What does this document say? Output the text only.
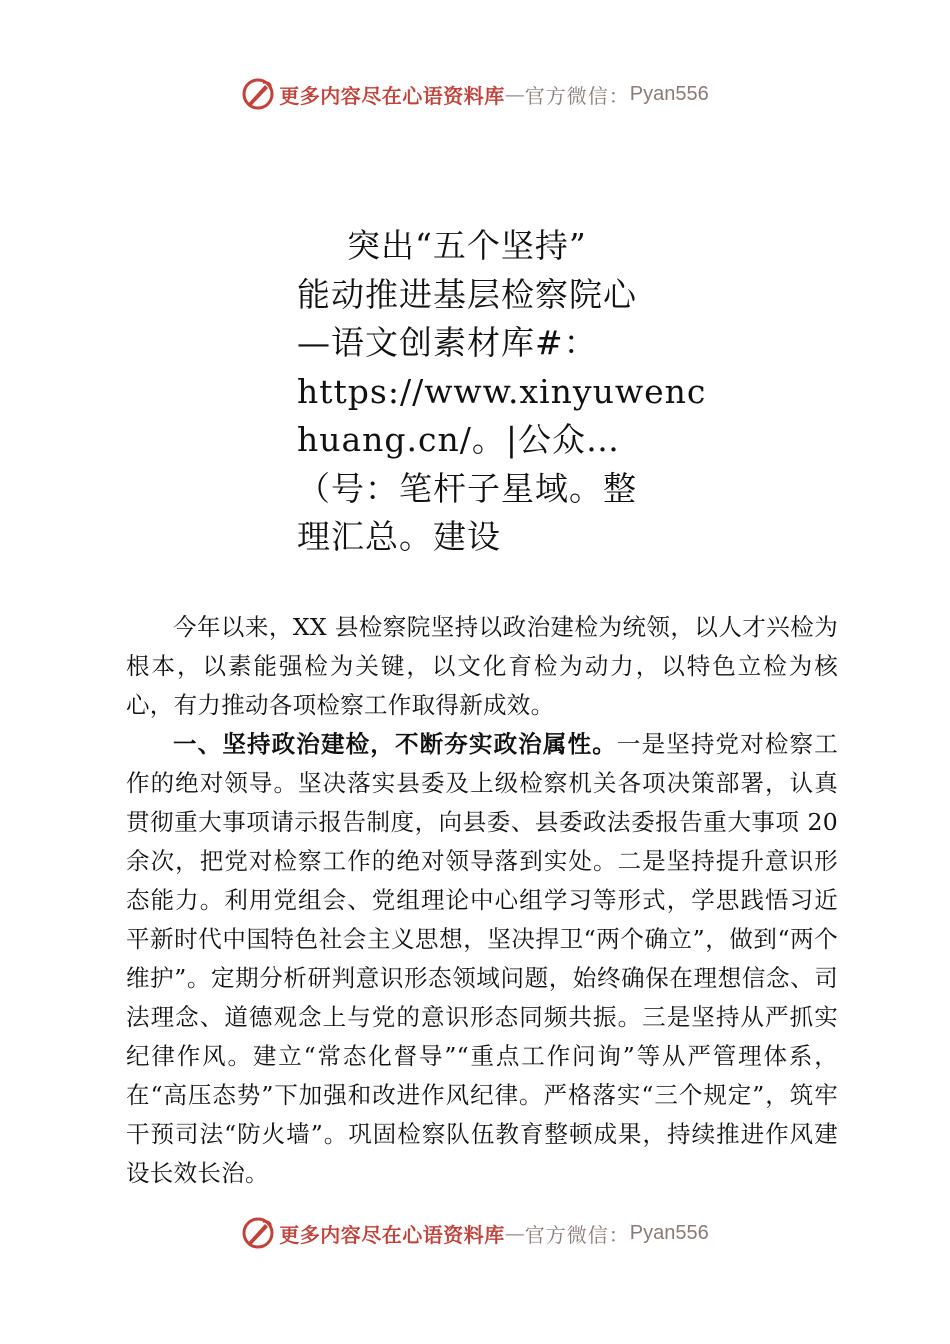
更多内容尽在心语资料库 — 官方微信： Pyan556
突出“五个坚持”
能动推进基层检察院心
—语文创素材库#：
https://www.xinyuwenc
huang.cn/。|公众…
（号：笔杆子星域。整
理汇总。建设

今年以来，XX 县检察院坚持以政治建检为统领，以人才兴检为根本，以素能强检为关键，以文化育检为动力，以特色立检为核心，有力推动各项检察工作取得新成效。

一、坚持政治建检，不断夯实政治属性。一是坚持党对检察工作的绝对领导。坚决落实县委及上级检察机关各项决策部署，认真贯彻重大事项请示报告制度，向县委、县委政法委报告重大事项 20 余次，把党对检察工作的绝对领导落到实处。二是坚持提升意识形态能力。利用党组会、党组理论中心组学习等形式，学思践悟习近平新时代中国特色社会主义思想，坚决捍卫“两个确立”，做到“两个维护”。定期分析研判意识形态领域问题，始终确保在理想信念、司法理念、道德观念上与党的意识形态同频共振。三是坚持从严抓实纪律作风。建立“常态化督导”“重点工作问询”等从严管理体系，在“高压态势”下加强和改进作风纪律。严格落实“三个规定”，筑牢干预司法“防火墙”。巩固检察队伍教育整顿成果，持续推进作风建设长效长治。

更多内容尽在心语资料库 — 官方微信： Pyan556
